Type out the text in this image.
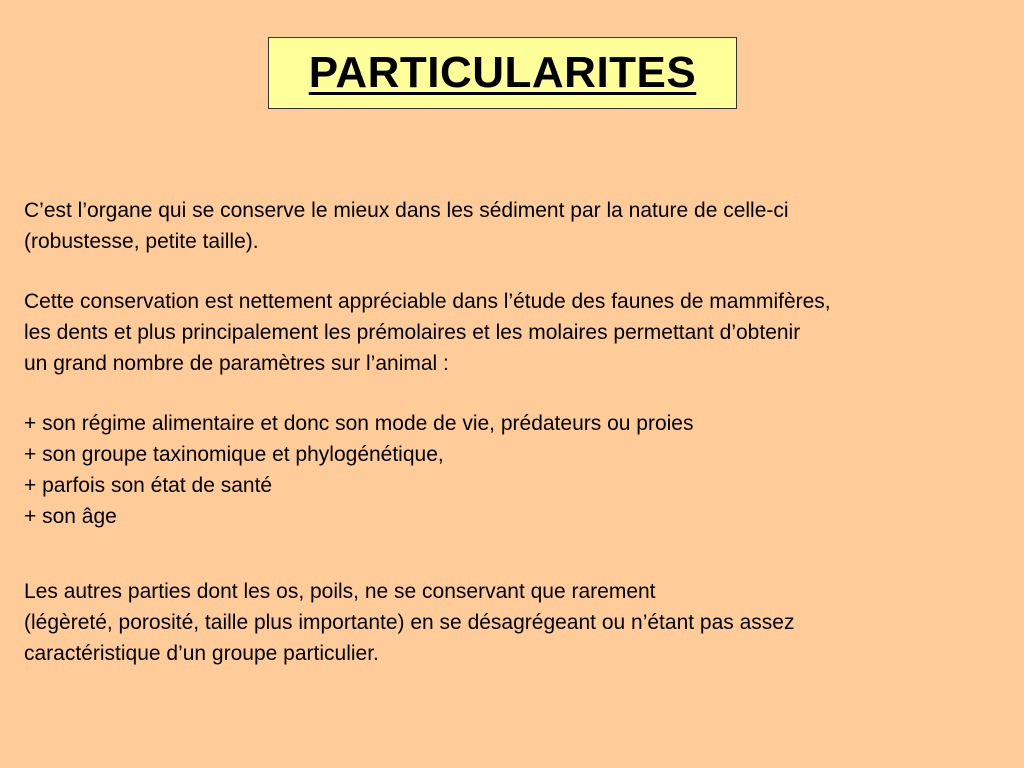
PARTICULARITES

C’est l’organe qui se conserve le mieux dans les sédiment par la nature de celle-ci
(robustesse, petite taille).

Cette conservation est nettement appréciable dans l’étude des faunes de mammifères,
les dents et plus principalement les prémolaires et les molaires permettant d’obtenir
un grand nombre de paramètres sur l’animal :

+ son régime alimentaire et donc son mode de vie, prédateurs ou proies
+ son groupe taxinomique et phylogénétique,
+ parfois son état de santé
+ son âge

Les autres parties dont les os, poils, ne se conservant que rarement
(légèreté, porosité, taille plus importante) en se désagrégeant ou n’étant pas assez
caractéristique d’un groupe particulier.
